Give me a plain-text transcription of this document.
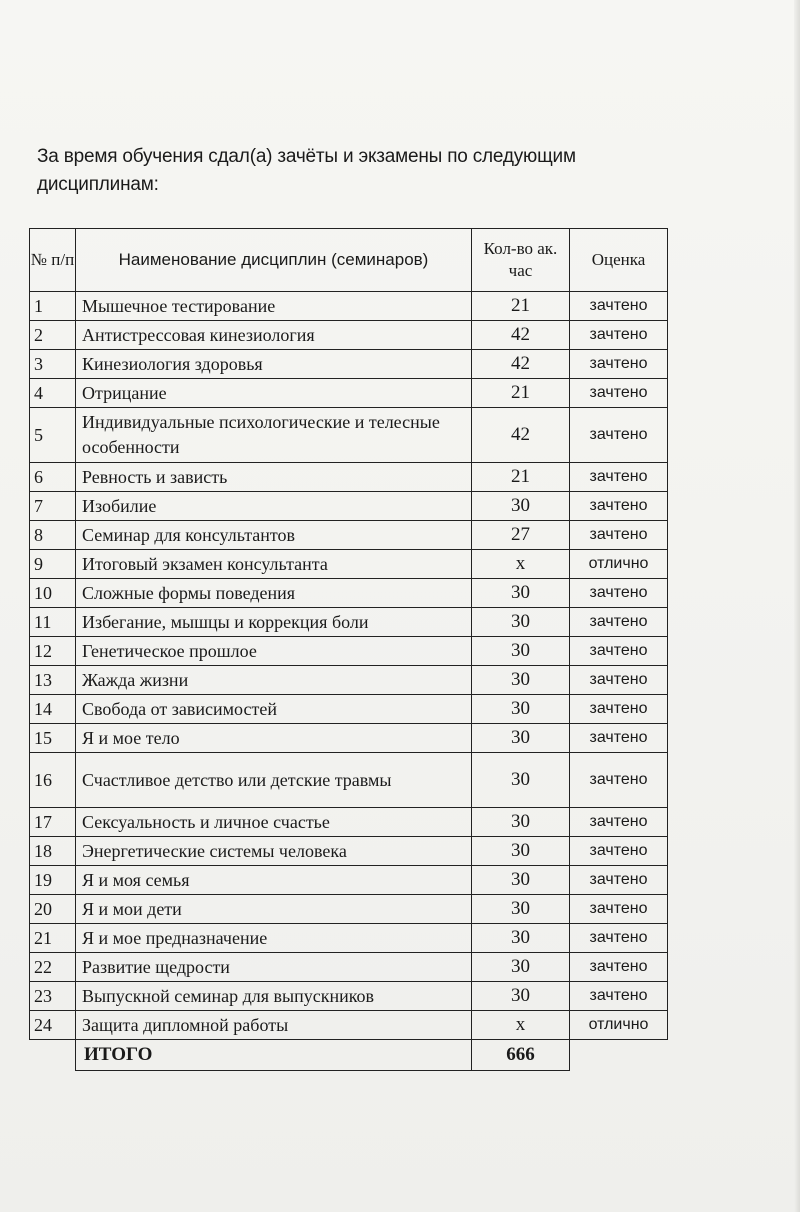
За время обучения сдал(а) зачёты и экзамены по следующим дисциплинам:
№ п/п	Наименование дисциплин (семинаров)	Кол-во ак. час	Оценка
1	Мышечное тестирование	21	зачтено
2	Антистрессовая кинезиология	42	зачтено
3	Кинезиология здоровья	42	зачтено
4	Отрицание	21	зачтено
5	Индивидуальные психологические и телесные особенности	42	зачтено
6	Ревность и зависть	21	зачтено
7	Изобилие	30	зачтено
8	Семинар для консультантов	27	зачтено
9	Итоговый экзамен консультанта	х	отлично
10	Сложные формы поведения	30	зачтено
11	Избегание, мышцы и коррекция боли	30	зачтено
12	Генетическое прошлое	30	зачтено
13	Жажда жизни	30	зачтено
14	Свобода от зависимостей	30	зачтено
15	Я и мое тело	30	зачтено
16	Счастливое детство или детские травмы	30	зачтено
17	Сексуальность и личное счастье	30	зачтено
18	Энергетические системы человека	30	зачтено
19	Я и моя семья	30	зачтено
20	Я и мои дети	30	зачтено
21	Я и мое предназначение	30	зачтено
22	Развитие щедрости	30	зачтено
23	Выпускной семинар для выпускников	30	зачтено
24	Защита дипломной работы	х	отлично
	ИТОГО	666	
